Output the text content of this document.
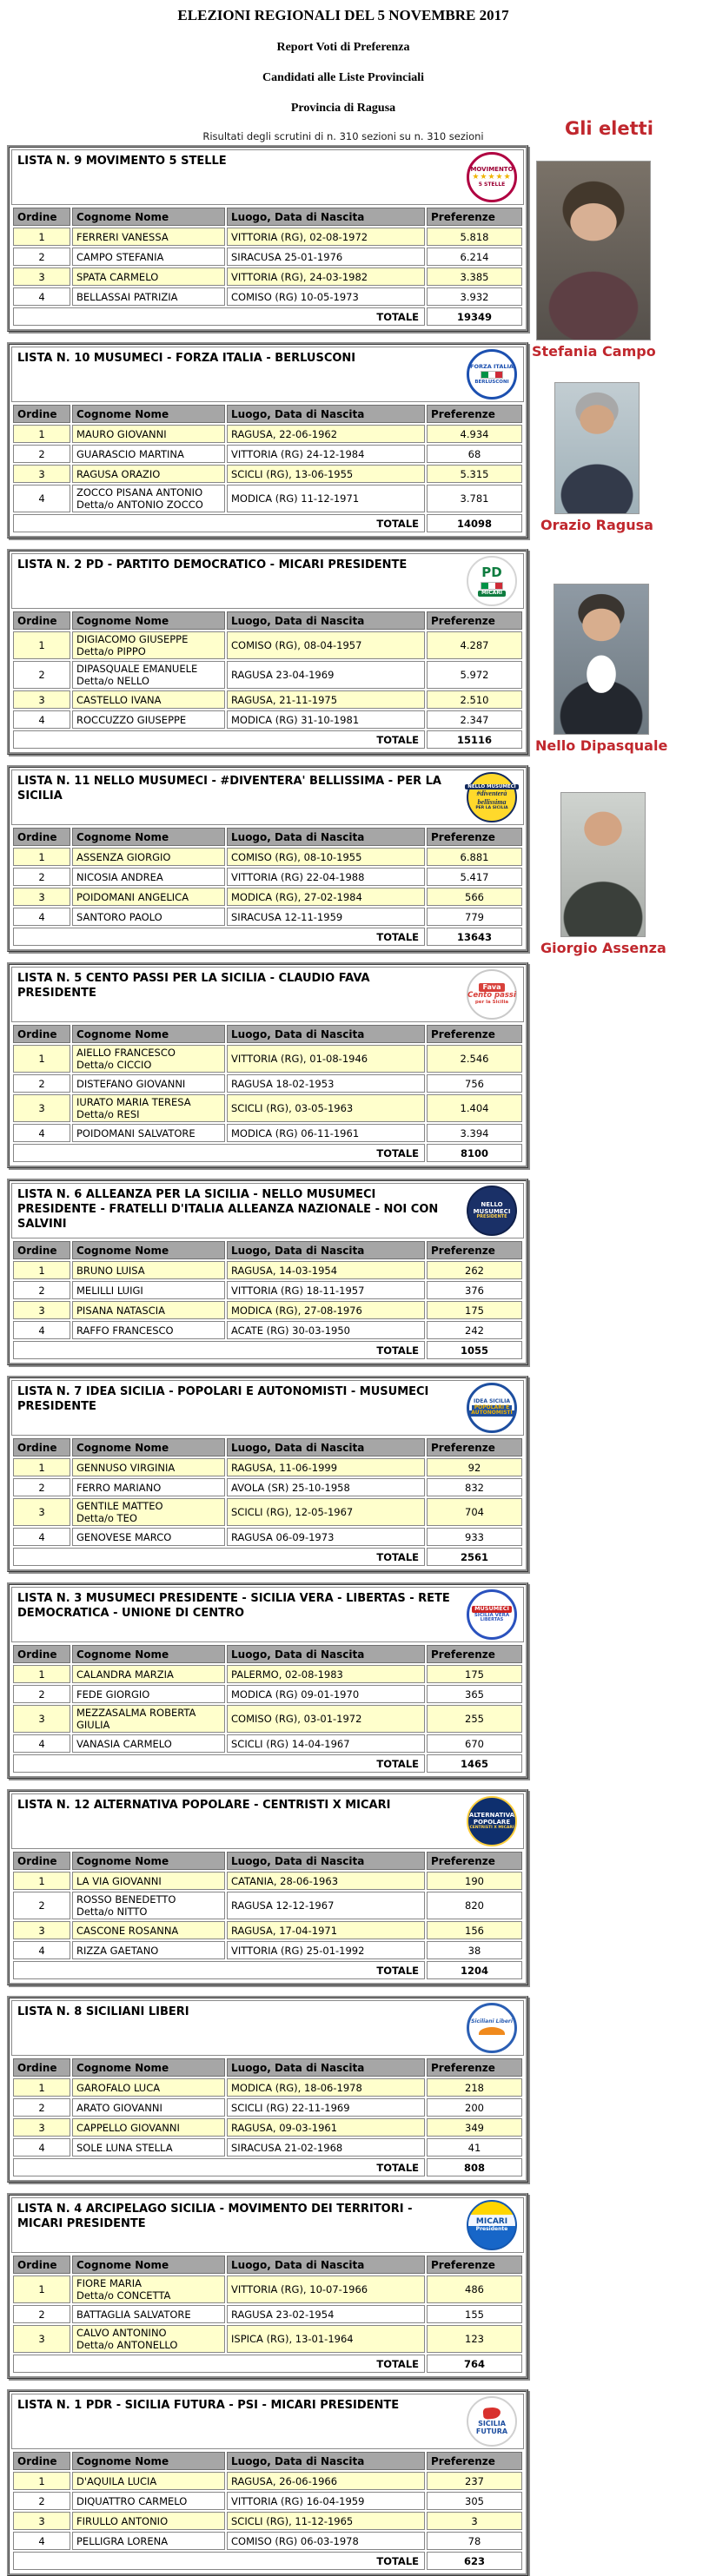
ELEZIONI REGIONALI DEL 5 NOVEMBRE 2017
Report Voti di Preferenza
Candidati alle Liste Provinciali
Provincia di Ragusa
Risultati degli scrutini di n. 310 sezioni su n. 310 sezioni	Gli eletti
Stefania Campo
Orazio Ragusa
Nello Dipasquale
Giorgio Assenza
LISTA N. 9 MOVIMENTO 5 STELLE
MOVIMENTO
★★★★★
5 STELLE
Ordine	Cognome Nome	Luogo, Data di Nascita	Preferenze
1	FERRERI VANESSA	VITTORIA (RG), 02-08-1972	5.818
2	CAMPO STEFANIA	SIRACUSA 25-01-1976	6.214
3	SPATA CARMELO	VITTORIA (RG), 24-03-1982	3.385
4	BELLASSAI PATRIZIA	COMISO (RG) 10-05-1973	3.932
TOTALE			19349
LISTA N. 10 MUSUMECI - FORZA ITALIA - BERLUSCONI
FORZA ITALIA
BERLUSCONI
Ordine	Cognome Nome	Luogo, Data di Nascita	Preferenze
1	MAURO GIOVANNI	RAGUSA, 22-06-1962	4.934
2	GUARASCIO MARTINA	VITTORIA (RG) 24-12-1984	68
3	RAGUSA ORAZIO	SCICLI (RG), 13-06-1955	5.315
4	ZOCCO PISANA ANTONIO
Detta/o ANTONIO ZOCCO	MODICA (RG) 11-12-1971	3.781
TOTALE			14098
LISTA N. 2 PD - PARTITO DEMOCRATICO - MICARI PRESIDENTE	PD
MICARI
Ordine	Cognome Nome	Luogo, Data di Nascita	Preferenze
1	DIGIACOMO GIUSEPPE
Detta/o PIPPO	COMISO (RG), 08-04-1957	4.287
2	DIPASQUALE EMANUELE
Detta/o NELLO	RAGUSA 23-04-1969	5.972
3	CASTELLO IVANA	RAGUSA, 21-11-1975	2.510
4	ROCCUZZO GIUSEPPE	MODICA (RG) 31-10-1981	2.347
TOTALE			15116
LISTA N. 11 NELLO MUSUMECI - #DIVENTERA' BELLISSIMA - PER LA SICILIA
NELLO MUSUMECI
#diventerà
bellissima
PER LA SICILIA
Ordine	Cognome Nome	Luogo, Data di Nascita	Preferenze
1	ASSENZA GIORGIO	COMISO (RG), 08-10-1955	6.881
2	NICOSIA ANDREA	VITTORIA (RG) 22-04-1988	5.417
3	POIDOMANI ANGELICA	MODICA (RG), 27-02-1984	566
4	SANTORO PAOLO	SIRACUSA 12-11-1959	779
TOTALE			13643
LISTA N. 5 CENTO PASSI PER LA SICILIA - CLAUDIO FAVA PRESIDENTE	Fava
Cento passi
per la Sicilia
Ordine	Cognome Nome	Luogo, Data di Nascita	Preferenze
1	AIELLO FRANCESCO
Detta/o CICCIO	VITTORIA (RG), 01-08-1946	2.546
2	DISTEFANO GIOVANNI	RAGUSA 18-02-1953	756
3	IURATO MARIA TERESA
Detta/o RESI	SCICLI (RG), 03-05-1963	1.404
4	POIDOMANI SALVATORE	MODICA (RG) 06-11-1961	3.394
TOTALE			8100
LISTA N. 6 ALLEANZA PER LA SICILIA - NELLO MUSUMECI PRESIDENTE - FRATELLI D'ITALIA ALLEANZA NAZIONALE - NOI CON SALVINI
NELLO
MUSUMECI
PRESIDENTE
Ordine	Cognome Nome	Luogo, Data di Nascita	Preferenze
1	BRUNO LUISA	RAGUSA, 14-03-1954	262
2	MELILLI LUIGI	VITTORIA (RG) 18-11-1957	376
3	PISANA NATASCIA	MODICA (RG), 27-08-1976	175
4	RAFFO FRANCESCO	ACATE (RG) 30-03-1950	242
TOTALE			1055
LISTA N. 7 IDEA SICILIA - POPOLARI E AUTONOMISTI - MUSUMECI PRESIDENTE	IDEA SICILIA
POPOLARI E
AUTONOMISTI
Ordine	Cognome Nome	Luogo, Data di Nascita	Preferenze
1	GENNUSO VIRGINIA	RAGUSA, 11-06-1999	92
2	FERRO MARIANO	AVOLA (SR) 25-10-1958	832
3	GENTILE MATTEO
Detta/o TEO	SCICLI (RG), 12-05-1967	704
4	GENOVESE MARCO	RAGUSA 06-09-1973	933
TOTALE			2561
LISTA N. 3 MUSUMECI PRESIDENTE - SICILIA VERA - LIBERTAS - RETE DEMOCRATICA - UNIONE DI CENTRO	MUSUMECI
SICILIA VERA
LIBERTAS
Ordine	Cognome Nome	Luogo, Data di Nascita	Preferenze
1	CALANDRA MARZIA	PALERMO, 02-08-1983	175
2	FEDE GIORGIO	MODICA (RG) 09-01-1970	365
3	MEZZASALMA ROBERTA GIULIA	COMISO (RG), 03-01-1972	255
4	VANASIA CARMELO	SCICLI (RG) 14-04-1967	670
TOTALE			1465
LISTA N. 12 ALTERNATIVA POPOLARE - CENTRISTI X MICARI
ALTERNATIVA
POPOLARE
CENTRISTI X MICARI
Ordine	Cognome Nome	Luogo, Data di Nascita	Preferenze
1	LA VIA GIOVANNI	CATANIA, 28-06-1963	190
2	ROSSO BENEDETTO
Detta/o NITTO	RAGUSA 12-12-1967	820
3	CASCONE ROSANNA	RAGUSA, 17-04-1971	156
4	RIZZA GAETANO	VITTORIA (RG) 25-01-1992	38
TOTALE			1204
LISTA N. 8 SICILIANI LIBERI
Siciliani Liberi
Ordine	Cognome Nome	Luogo, Data di Nascita	Preferenze
1	GAROFALO LUCA	MODICA (RG), 18-06-1978	218
2	ARATO GIOVANNI	SCICLI (RG) 22-11-1969	200
3	CAPPELLO GIOVANNI	RAGUSA, 09-03-1961	349
4	SOLE LUNA STELLA	SIRACUSA 21-02-1968	41
TOTALE			808
LISTA N. 4 ARCIPELAGO SICILIA - MOVIMENTO DEI TERRITORI - MICARI PRESIDENTE	MICARI
Presidente
Ordine	Cognome Nome	Luogo, Data di Nascita	Preferenze
1	FIORE MARIA
Detta/o CONCETTA	VITTORIA (RG), 10-07-1966	486
2	BATTAGLIA SALVATORE	RAGUSA 23-02-1954	155
3	CALVO ANTONINO
Detta/o ANTONELLO	ISPICA (RG), 13-01-1964	123
TOTALE			764
LISTA N. 1 PDR - SICILIA FUTURA - PSI - MICARI PRESIDENTE
SICILIA
FUTURA
Ordine	Cognome Nome	Luogo, Data di Nascita	Preferenze
1	D'AQUILA LUCIA	RAGUSA, 26-06-1966	237
2	DIQUATTRO CARMELO	VITTORIA (RG) 16-04-1959	305
3	FIRULLO ANTONIO	SCICLI (RG), 11-12-1965	3
4	PELLIGRA LORENA	COMISO (RG) 06-03-1978	78
TOTALE			623
